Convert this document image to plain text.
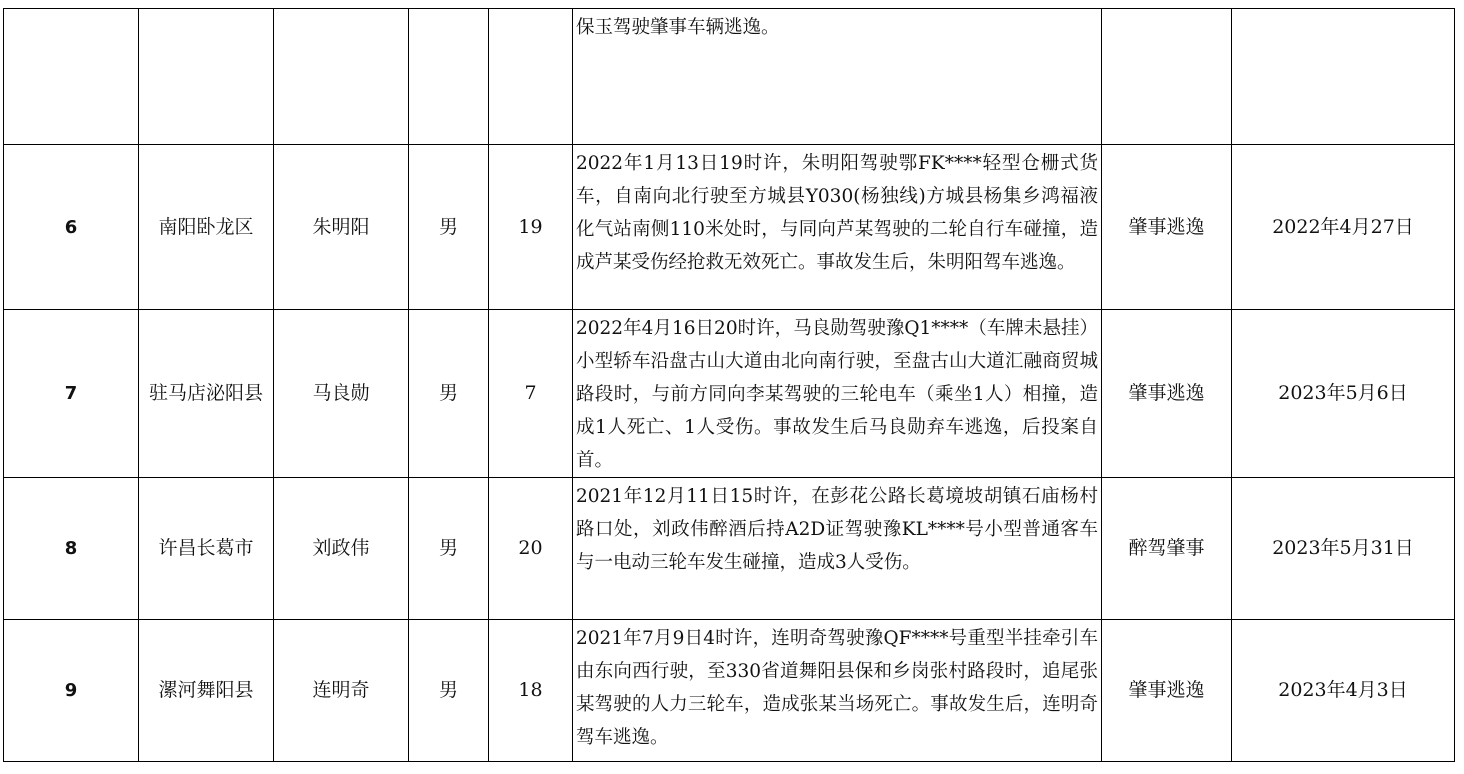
					保玉驾驶肇事车辆逃逸。		
6	南阳卧龙区	朱明阳	男	19	2022年1月13日19时许，朱明阳驾驶鄂FK****轻型仓栅式货车，自南向北行驶至方城县Y030(杨独线)方城县杨集乡鸿福液化气站南侧110米处时，与同向芦某驾驶的二轮自行车碰撞，造成芦某受伤经抢救无效死亡。事故发生后，朱明阳驾车逃逸。	肇事逃逸	2022年4月27日
7	驻马店泌阳县	马良勋	男	7	2022年4月16日20时许，马良勋驾驶豫Q1****（车牌未悬挂）小型轿车沿盘古山大道由北向南行驶，至盘古山大道汇融商贸城路段时，与前方同向李某驾驶的三轮电车（乘坐1人）相撞，造成1人死亡、1人受伤。事故发生后马良勋弃车逃逸，后投案自首。	肇事逃逸	2023年5月6日
8	许昌长葛市	刘政伟	男	20	2021年12月11日15时许，在彭花公路长葛境坡胡镇石庙杨村路口处，刘政伟醉酒后持A2D证驾驶豫KL****号小型普通客车与一电动三轮车发生碰撞，造成3人受伤。	醉驾肇事	2023年5月31日
9	漯河舞阳县	连明奇	男	18	2021年7月9日4时许，连明奇驾驶豫QF****号重型半挂牵引车由东向西行驶，至330省道舞阳县保和乡岗张村路段时，追尾张某驾驶的人力三轮车，造成张某当场死亡。事故发生后，连明奇驾车逃逸。	肇事逃逸	2023年4月3日
